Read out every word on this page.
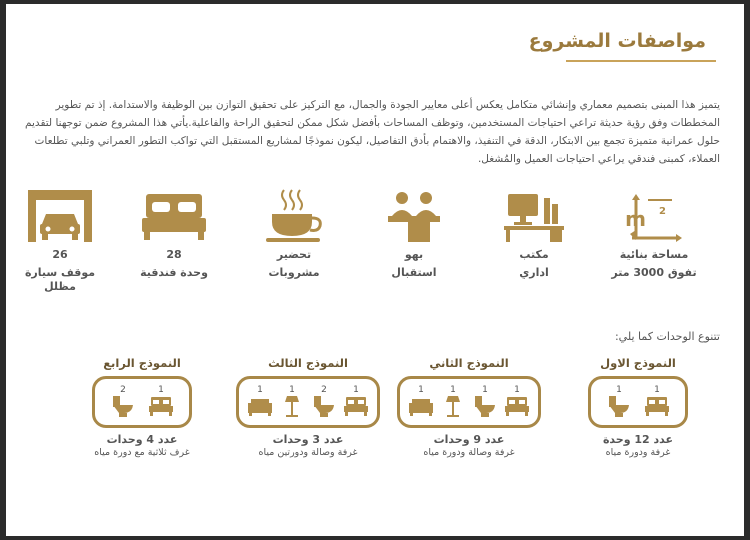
مواصفات المشروع
يتميز هذا المبنى بتصميم معماري وإنشائي متكامل يعكس أعلى معايير الجودة والجمال، مع التركيز على تحقيق التوازن بين الوظيفة والاستدامة. إذ تم تطوير المخططات وفق رؤية حديثة تراعي احتياجات المستخدمين، وتوظف المساحات بأفضل شكل ممكن لتحقيق الراحة والفاعلية.يأتي هذا المشروع ضمن توجهنا لتقديم حلول عمرانية متميزة تجمع بين الابتكار، الدقة في التنفيذ، والاهتمام بأدق التفاصيل، ليكون نموذجًا لمشاريع المستقبل التي تواكب التطور العمراني وتلبي تطلعات العملاء، كمبنى فندقي يراعي احتياجات العميل والمُشغل.
m 2
مساحة بنائية
تفوق 3000 متر
مكتب
اداري
بهو
استقبال
تحضير
مشروبات
28
وحدة فندقية
26
موقف سيارة مظلل
تتنوع الوحدات كما يلي:
النموذج الاول
1	1
عدد 12 وحدة
غرفة ودورة مياه
النموذج الثاني
1	1	1	1
عدد 9 وحدات
غرفة وصالة ودورة مياه
النموذج الثالث
1	1	2	1
عدد 3 وحدات
غرفة وصالة ودورتين مياه
النموذج الرابع
2	1
عدد 4 وحدات
غرف ثلاثية مع دورة مياه
